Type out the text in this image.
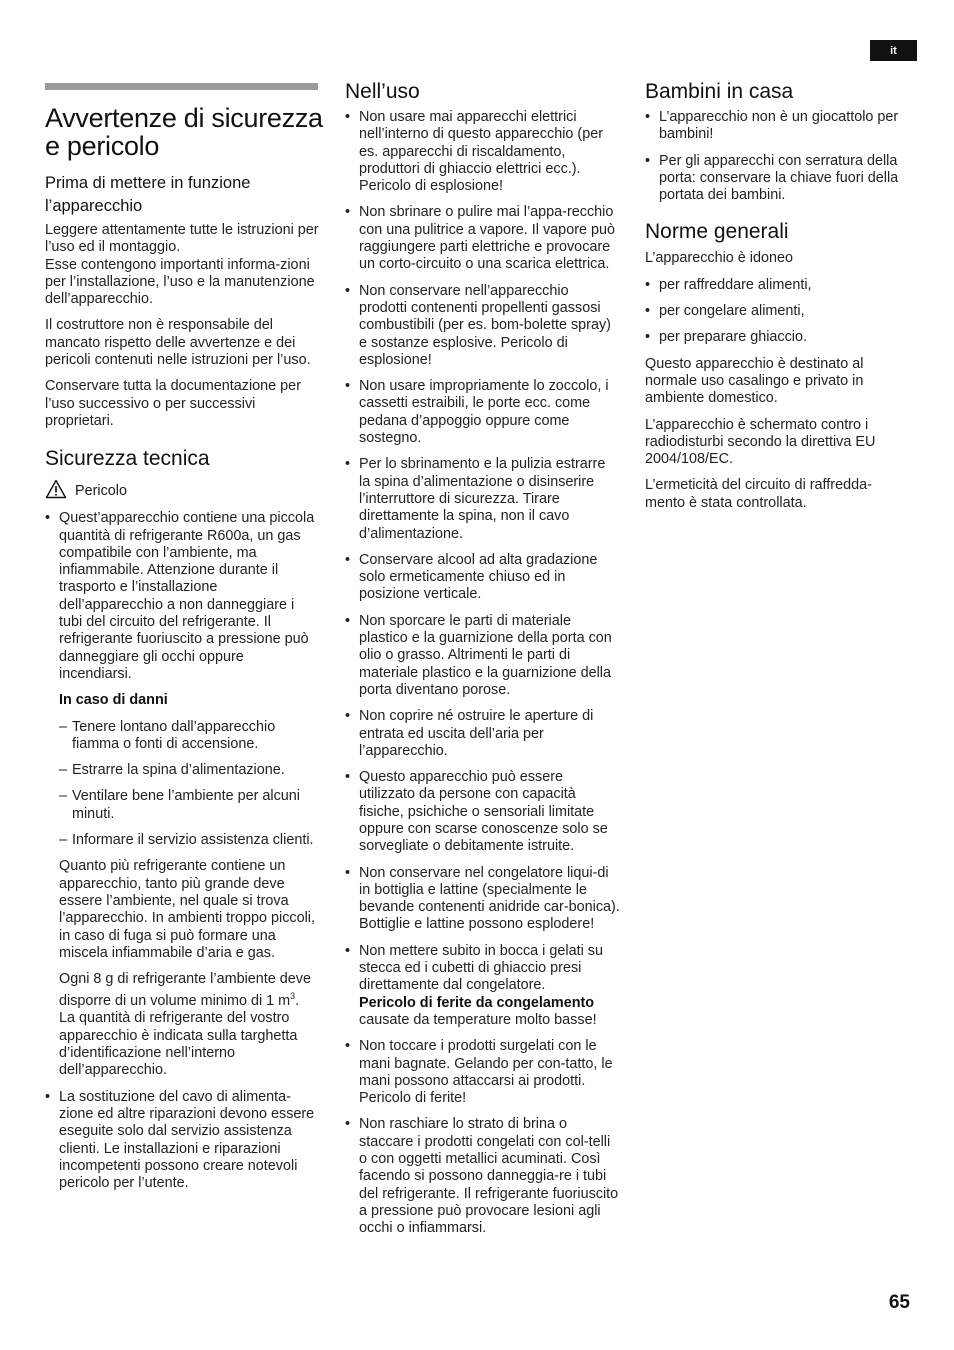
it
Avvertenze di sicurezza e pericolo
Prima di mettere in funzione l’apparecchio

Leggere attentamente tutte le istruzioni per l’uso ed il montaggio.
Esse contengono importanti informa-zioni per l’installazione, l’uso e la manutenzione dell’apparecchio.

Il costruttore non è responsabile del mancato rispetto delle avvertenze e dei pericoli contenuti nelle istruzioni per l’uso.

Conservare tutta la documentazione per l’uso successivo o per successivi proprietari.

Sicurezza tecnica
Pericolo
• Quest’apparecchio contiene una piccola quantità di refrigerante R600a, un gas compatibile con l’ambiente, ma infiammabile. Attenzione durante il trasporto e l’installazione dell’apparecchio a non danneggiare i tubi del circuito del refrigerante. Il refrigerante fuoriuscito a pressione può danneggiare gli occhi oppure incendiarsi.
In caso di danni
– Tenere lontano dall’apparecchio fiamma o fonti di accensione.
– Estrarre la spina d’alimentazione.
– Ventilare bene l’ambiente per alcuni minuti.
– Informare il servizio assistenza clienti.

Quanto più refrigerante contiene un apparecchio, tanto più grande deve essere l’ambiente, nel quale si trova l’apparecchio. In ambienti troppo piccoli, in caso di fuga si può formare una miscela infiammabile d’aria e gas.

Ogni 8 g di refrigerante l’ambiente deve disporre di un volume minimo di 1 $m^3$. La quantità di refrigerante del vostro apparecchio è indicata sulla targhetta d’identificazione nell’interno dell’apparecchio.

• La sostituzione del cavo di alimenta-zione ed altre riparazioni devono essere eseguite solo dal servizio assistenza clienti. Le installazioni e riparazioni incompetenti possono creare notevoli pericolo per l’utente.
Nell’uso
• Non usare mai apparecchi elettrici nell’interno di questo apparecchio (per es. apparecchi di riscaldamento, produttori di ghiaccio elettrici ecc.). Pericolo di esplosione!
• Non sbrinare o pulire mai l’appa-recchio con una pulitrice a vapore. Il vapore può raggiungere parti elettriche e provocare un corto-circuito o una scarica elettrica.
• Non conservare nell’apparecchio prodotti contenenti propellenti gassosi combustibili (per es. bom-bolette spray) e sostanze esplosive. Pericolo di esplosione!
• Non usare impropriamente lo zoccolo, i cassetti estraibili, le porte ecc. come pedana d’appoggio oppure come sostegno.
• Per lo sbrinamento e la pulizia estrarre la spina d’alimentazione o disinserire l’interruttore di sicurezza. Tirare direttamente la spina, non il cavo d’alimentazione.
• Conservare alcool ad alta gradazione solo ermeticamente chiuso ed in posizione verticale.
• Non sporcare le parti di materiale plastico e la guarnizione della porta con olio o grasso. Altrimenti le parti di materiale plastico e la guarnizione della porta diventano porose.
• Non coprire né ostruire le aperture di entrata ed uscita dell’aria per l’apparecchio.
• Questo apparecchio può essere utilizzato da persone con capacità fisiche, psichiche o sensoriali limitate oppure con scarse conoscenze solo se sorvegliate o debitamente istruite.
• Non conservare nel congelatore liqui-di in bottiglia e lattine (specialmente le bevande contenenti anidride car-bonica). Bottiglie e lattine possono esplodere!
• Non mettere subito in bocca i gelati su stecca ed i cubetti di ghiaccio presi direttamente dal congelatore.
Pericolo di ferite da congelamento
causate da temperature molto basse!
• Non toccare i prodotti surgelati con le mani bagnate. Gelando per con-tatto, le mani possono attaccarsi ai prodotti. Pericolo di ferite!
• Non raschiare lo strato di brina o staccare i prodotti congelati con col-telli o con oggetti metallici acuminati. Così facendo si possono danneggia-re i tubi del refrigerante. Il refrigerante fuoriuscito a pressione può provocare lesioni agli occhi o infiammarsi.
Bambini in casa
• L’apparecchio non è un giocattolo per bambini!
• Per gli apparecchi con serratura della porta: conservare la chiave fuori della portata dei bambini.
Norme generali

L’apparecchio è idoneo

• per raffreddare alimenti,
• per congelare alimenti,
• per preparare ghiaccio.

Questo apparecchio è destinato al normale uso casalingo e privato in ambiente domestico.

L’apparecchio è schermato contro i radiodisturbi secondo la direttiva EU 2004/108/EC.

L’ermeticità del circuito di raffredda-mento è stata controllata.

65
